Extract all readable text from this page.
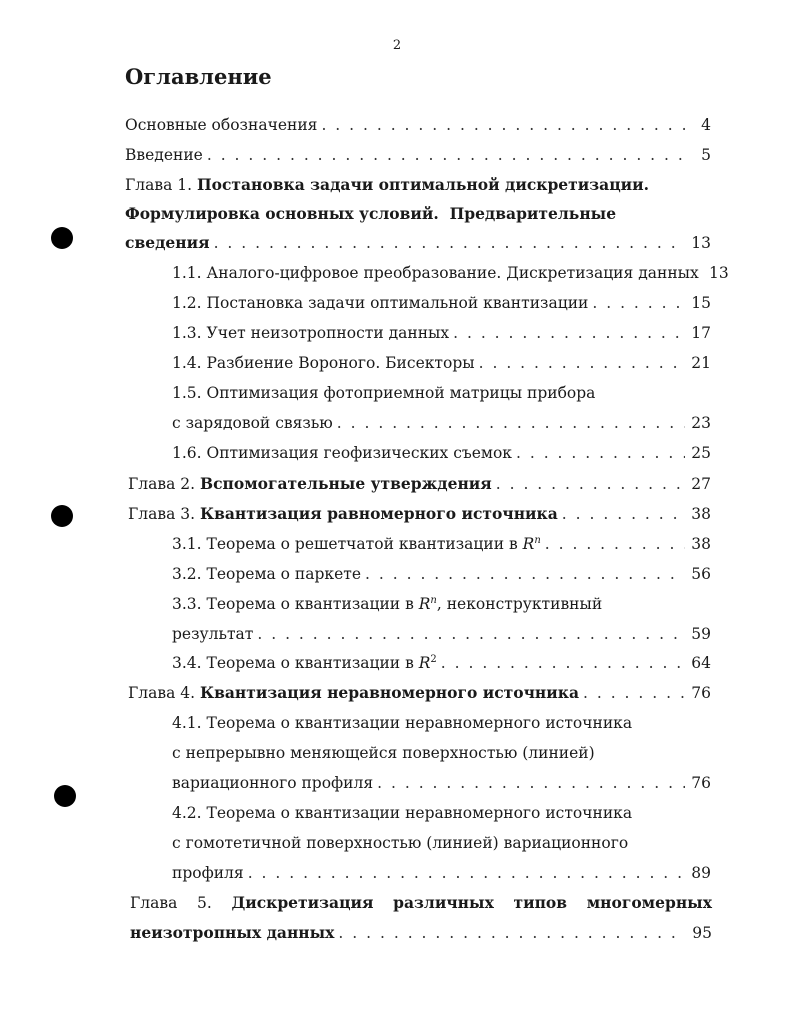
2
Оглавление
Основные обозначения . . .	4
Введение . . .	5
Глава 1. Постановка задачи оптимальной дискретизации.
Формулировка основных условий.  Предварительные
сведения . . .	13
1.1. Аналого-цифровое преобразование. Дискретизация данных 13
1.2. Постановка задачи оптимальной квантизации . . .	15
1.3. Учет неизотропности данных . . .	17
1.4. Разбиение Вороного. Бисекторы . . .	21
1.5. Оптимизация фотоприемной матрицы прибора
с зарядовой связью . . .	23
1.6. Оптимизация геофизических съемок . . .	25
Глава 2.
Вспомогательные утверждения . . .	27
Глава 3.
Квантизация равномерного источника . . .	38
3.1. Теорема о решетчатой квантизации в $R^n$ . . .	38
3.2. Теорема о паркете . . .	56
3.3. Теорема о квантизации в $R^n$, неконструктивный
результат . . .	59
3.4. Теорема о квантизации в $R^2$ . . .	64
Глава 4.
Квантизация неравномерного источника . . .	76
4.1. Теорема о квантизации неравномерного источника
с непрерывно меняющейся поверхностью (линией)
вариационного профиля . . .	76
4.2. Теорема о квантизации неравномерного источника
с гомотетичной поверхностью (линией) вариационного
профиля . . .	89
Глава 5. Дискретизация различных типов многомерных
неизотропных данных . . .	95
